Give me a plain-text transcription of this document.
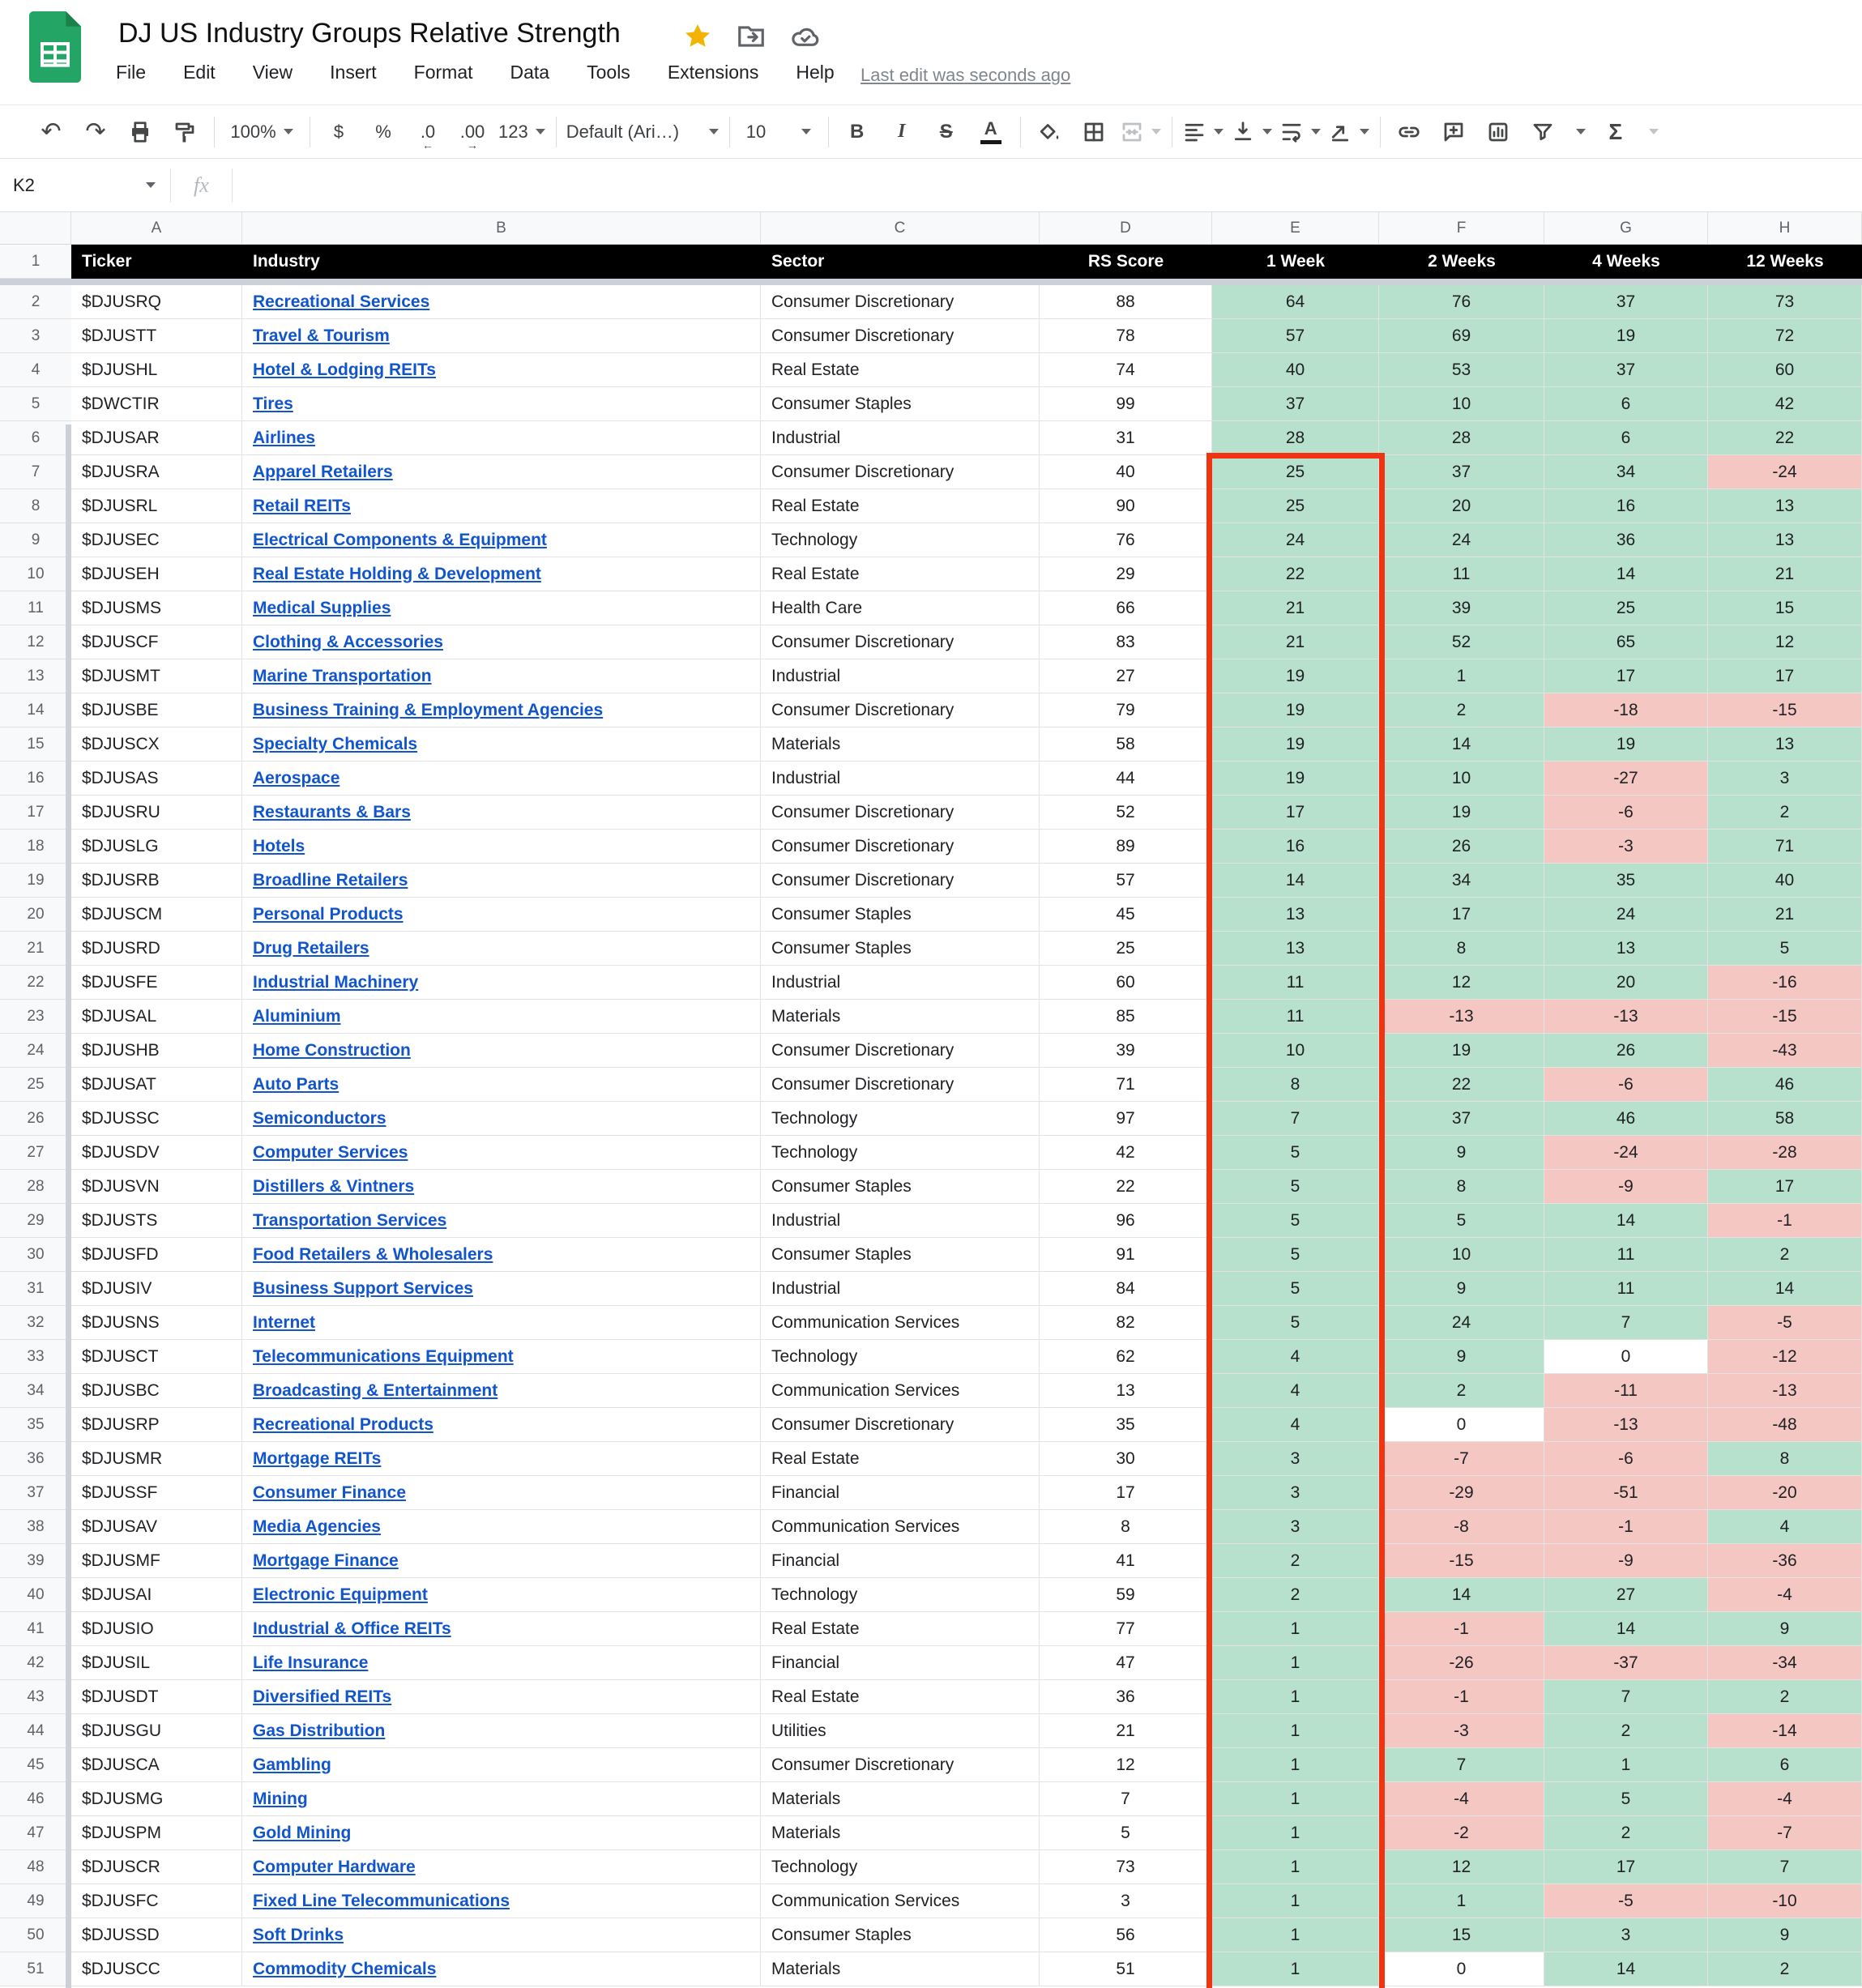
DJ US Industry Groups Relative Strength
File Edit View Insert Format Data Tools Extensions Help Last edit was seconds ago
↶ ↷	100%	$	%	.0
←
.00
→
123 Default (Ari…)	10	B	I	S	A	Σ
K2	fx
A	B	C	D	E	F	G	H
1	Ticker	Industry	Sector	RS Score	1 Week	2 Weeks	4 Weeks	12 Weeks
2	$DJUSRQ	Recreational Services	Consumer Discretionary	88	64	76	37	73
3	$DJUSTT	Travel & Tourism	Consumer Discretionary	78	57	69	19	72
4	$DJUSHL	Hotel & Lodging REITs	Real Estate	74	40	53	37	60
5	$DWCTIR	Tires	Consumer Staples	99	37	10	6	42
6	$DJUSAR	Airlines	Industrial	31	28	28	6	22
7	$DJUSRA	Apparel Retailers	Consumer Discretionary	40	25	37	34	-24
8	$DJUSRL	Retail REITs	Real Estate	90	25	20	16	13
9	$DJUSEC	Electrical Components & Equipment	Technology	76	24	24	36	13
10	$DJUSEH	Real Estate Holding & Development	Real Estate	29	22	11	14	21
11	$DJUSMS	Medical Supplies	Health Care	66	21	39	25	15
12	$DJUSCF	Clothing & Accessories	Consumer Discretionary	83	21	52	65	12
13	$DJUSMT	Marine Transportation	Industrial	27	19	1	17	17
14	$DJUSBE	Business Training & Employment Agencies	Consumer Discretionary	79	19	2	-18	-15
15	$DJUSCX	Specialty Chemicals	Materials	58	19	14	19	13
16	$DJUSAS	Aerospace	Industrial	44	19	10	-27	3
17	$DJUSRU	Restaurants & Bars	Consumer Discretionary	52	17	19	-6	2
18	$DJUSLG	Hotels	Consumer Discretionary	89	16	26	-3	71
19	$DJUSRB	Broadline Retailers	Consumer Discretionary	57	14	34	35	40
20	$DJUSCM	Personal Products	Consumer Staples	45	13	17	24	21
21	$DJUSRD	Drug Retailers	Consumer Staples	25	13	8	13	5
22	$DJUSFE	Industrial Machinery	Industrial	60	11	12	20	-16
23	$DJUSAL	Aluminium	Materials	85	11	-13	-13	-15
24	$DJUSHB	Home Construction	Consumer Discretionary	39	10	19	26	-43
25	$DJUSAT	Auto Parts	Consumer Discretionary	71	8	22	-6	46
26	$DJUSSC	Semiconductors	Technology	97	7	37	46	58
27	$DJUSDV	Computer Services	Technology	42	5	9	-24	-28
28	$DJUSVN	Distillers & Vintners	Consumer Staples	22	5	8	-9	17
29	$DJUSTS	Transportation Services	Industrial	96	5	5	14	-1
30	$DJUSFD	Food Retailers & Wholesalers	Consumer Staples	91	5	10	11	2
31	$DJUSIV	Business Support Services	Industrial	84	5	9	11	14
32	$DJUSNS	Internet	Communication Services	82	5	24	7	-5
33	$DJUSCT	Telecommunications Equipment	Technology	62	4	9	0	-12
34	$DJUSBC	Broadcasting & Entertainment	Communication Services	13	4	2	-11	-13
35	$DJUSRP	Recreational Products	Consumer Discretionary	35	4	0	-13	-48
36	$DJUSMR	Mortgage REITs	Real Estate	30	3	-7	-6	8
37	$DJUSSF	Consumer Finance	Financial	17	3	-29	-51	-20
38	$DJUSAV	Media Agencies	Communication Services	8	3	-8	-1	4
39	$DJUSMF	Mortgage Finance	Financial	41	2	-15	-9	-36
40	$DJUSAI	Electronic Equipment	Technology	59	2	14	27	-4
41	$DJUSIO	Industrial & Office REITs	Real Estate	77	1	-1	14	9
42	$DJUSIL	Life Insurance	Financial	47	1	-26	-37	-34
43	$DJUSDT	Diversified REITs	Real Estate	36	1	-1	7	2
44	$DJUSGU	Gas Distribution	Utilities	21	1	-3	2	-14
45	$DJUSCA	Gambling	Consumer Discretionary	12	1	7	1	6
46	$DJUSMG	Mining	Materials	7	1	-4	5	-4
47	$DJUSPM	Gold Mining	Materials	5	1	-2	2	-7
48	$DJUSCR	Computer Hardware	Technology	73	1	12	17	7
49	$DJUSFC	Fixed Line Telecommunications	Communication Services	3	1	1	-5	-10
50	$DJUSSD	Soft Drinks	Consumer Staples	56	1	15	3	9
51	$DJUSCC	Commodity Chemicals	Materials	51	1	0	14	2
